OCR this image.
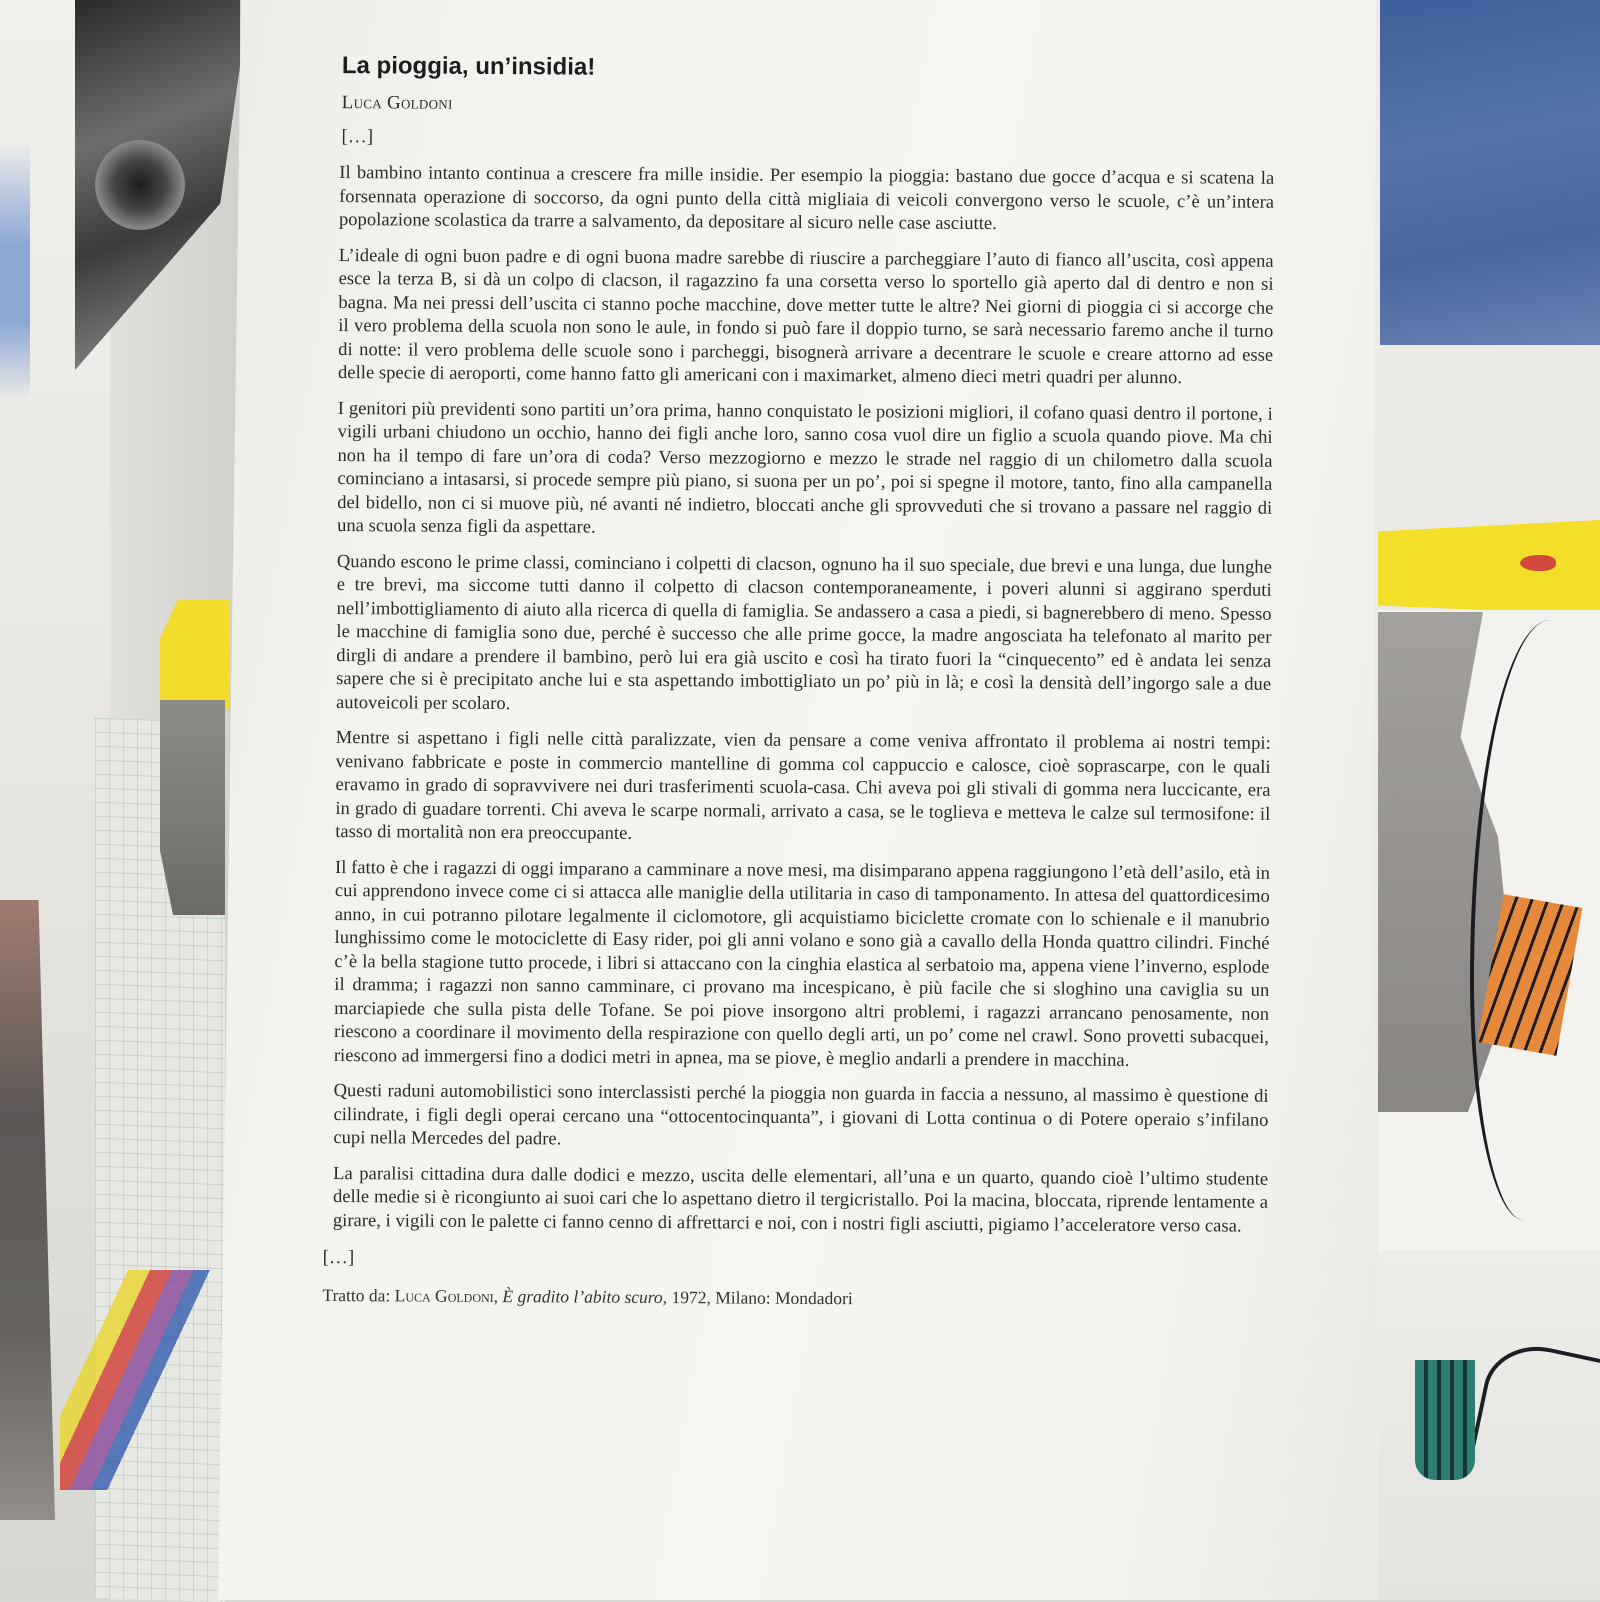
La pioggia, un’insidia!
Luca Goldoni
[…]

Il bambino intanto continua a crescere fra mille insidie. Per esempio la pioggia: bastano due gocce d’acqua e si scatena la forsennata operazione di soccorso, da ogni punto della città migliaia di veicoli convergono verso le scuole, c’è un’intera popolazione scolastica da trarre a salvamento, da depositare al sicuro nelle case asciutte.

L’ideale di ogni buon padre e di ogni buona madre sarebbe di riuscire a parcheggiare l’auto di fianco all’uscita, così appena esce la terza B, si dà un colpo di clacson, il ragazzino fa una corsetta verso lo sportello già aperto dal di dentro e non si bagna. Ma nei pressi dell’uscita ci stanno poche macchine, dove metter tutte le altre? Nei giorni di pioggia ci si accorge che il vero problema della scuola non sono le aule, in fondo si può fare il doppio turno, se sarà necessario faremo anche il turno di notte: il vero problema delle scuole sono i parcheggi, bisognerà arrivare a decentrare le scuole e creare attorno ad esse delle specie di aeroporti, come hanno fatto gli americani con i maximarket, almeno dieci metri quadri per alunno.

I genitori più previdenti sono partiti un’ora prima, hanno conquistato le posizioni migliori, il cofano quasi dentro il portone, i vigili urbani chiudono un occhio, hanno dei figli anche loro, sanno cosa vuol dire un figlio a scuola quando piove. Ma chi non ha il tempo di fare un’ora di coda? Verso mezzogiorno e mezzo le strade nel raggio di un chilometro dalla scuola cominciano a intasarsi, si procede sempre più piano, si suona per un po’, poi si spegne il motore, tanto, fino alla campanella del bidello, non ci si muove più, né avanti né indietro, bloccati anche gli sprovveduti che si trovano a passare nel raggio di una scuola senza figli da aspettare.

Quando escono le prime classi, cominciano i colpetti di clacson, ognuno ha il suo speciale, due brevi e una lunga, due lunghe e tre brevi, ma siccome tutti danno il colpetto di clacson contemporaneamente, i poveri alunni si aggirano sperduti nell’imbottigliamento di aiuto alla ricerca di quella di famiglia. Se andassero a casa a piedi, si bagnerebbero di meno. Spesso le macchine di famiglia sono due, perché è successo che alle prime gocce, la madre angosciata ha telefonato al marito per dirgli di andare a prendere il bambino, però lui era già uscito e così ha tirato fuori la “cinquecento” ed è andata lei senza sapere che si è precipitato anche lui e sta aspettando imbottigliato un po’ più in là; e così la densità dell’ingorgo sale a due autoveicoli per scolaro.

Mentre si aspettano i figli nelle città paralizzate, vien da pensare a come veniva affrontato il problema ai nostri tempi: venivano fabbricate e poste in commercio mantelline di gomma col cappuccio e calosce, cioè soprascarpe, con le quali eravamo in grado di sopravvivere nei duri trasferimenti scuola-casa. Chi aveva poi gli stivali di gomma nera luccicante, era in grado di guadare torrenti. Chi aveva le scarpe normali, arrivato a casa, se le toglieva e metteva le calze sul termosifone: il tasso di mortalità non era preoccupante.

Il fatto è che i ragazzi di oggi imparano a camminare a nove mesi, ma disimparano appena raggiungono l’età dell’asilo, età in cui apprendono invece come ci si attacca alle maniglie della utilitaria in caso di tamponamento. In attesa del quattordicesimo anno, in cui potranno pilotare legalmente il ciclomotore, gli acquistiamo biciclette cromate con lo schienale e il manubrio lunghissimo come le motociclette di Easy rider, poi gli anni volano e sono già a cavallo della Honda quattro cilindri. Finché c’è la bella stagione tutto procede, i libri si attaccano con la cinghia elastica al serbatoio ma, appena viene l’inverno, esplode il dramma; i ragazzi non sanno camminare, ci provano ma incespicano, è più facile che si sloghino una caviglia su un marciapiede che sulla pista delle Tofane. Se poi piove insorgono altri problemi, i ragazzi arrancano penosamente, non riescono a coordinare il movimento della respirazione con quello degli arti, un po’ come nel crawl. Sono provetti subacquei, riescono ad immergersi fino a dodici metri in apnea, ma se piove, è meglio andarli a prendere in macchina.

Questi raduni automobilistici sono interclassisti perché la pioggia non guarda in faccia a nessuno, al massimo è questione di cilindrate, i figli degli operai cercano una “ottocentocinquanta”, i giovani di Lotta continua o di Potere operaio s’infilano cupi nella Mercedes del padre.

La paralisi cittadina dura dalle dodici e mezzo, uscita delle elementari, all’una e un quarto, quando cioè l’ultimo studente delle medie si è ricongiunto ai suoi cari che lo aspettano dietro il tergicristallo. Poi la macina, bloccata, riprende lentamente a girare, i vigili con le palette ci fanno cenno di affrettarci e noi, con i nostri figli asciutti, pigiamo l’acceleratore verso casa.

[…]
Tratto da: Luca Goldoni, È gradito l’abito scuro, 1972, Milano: Mondadori
